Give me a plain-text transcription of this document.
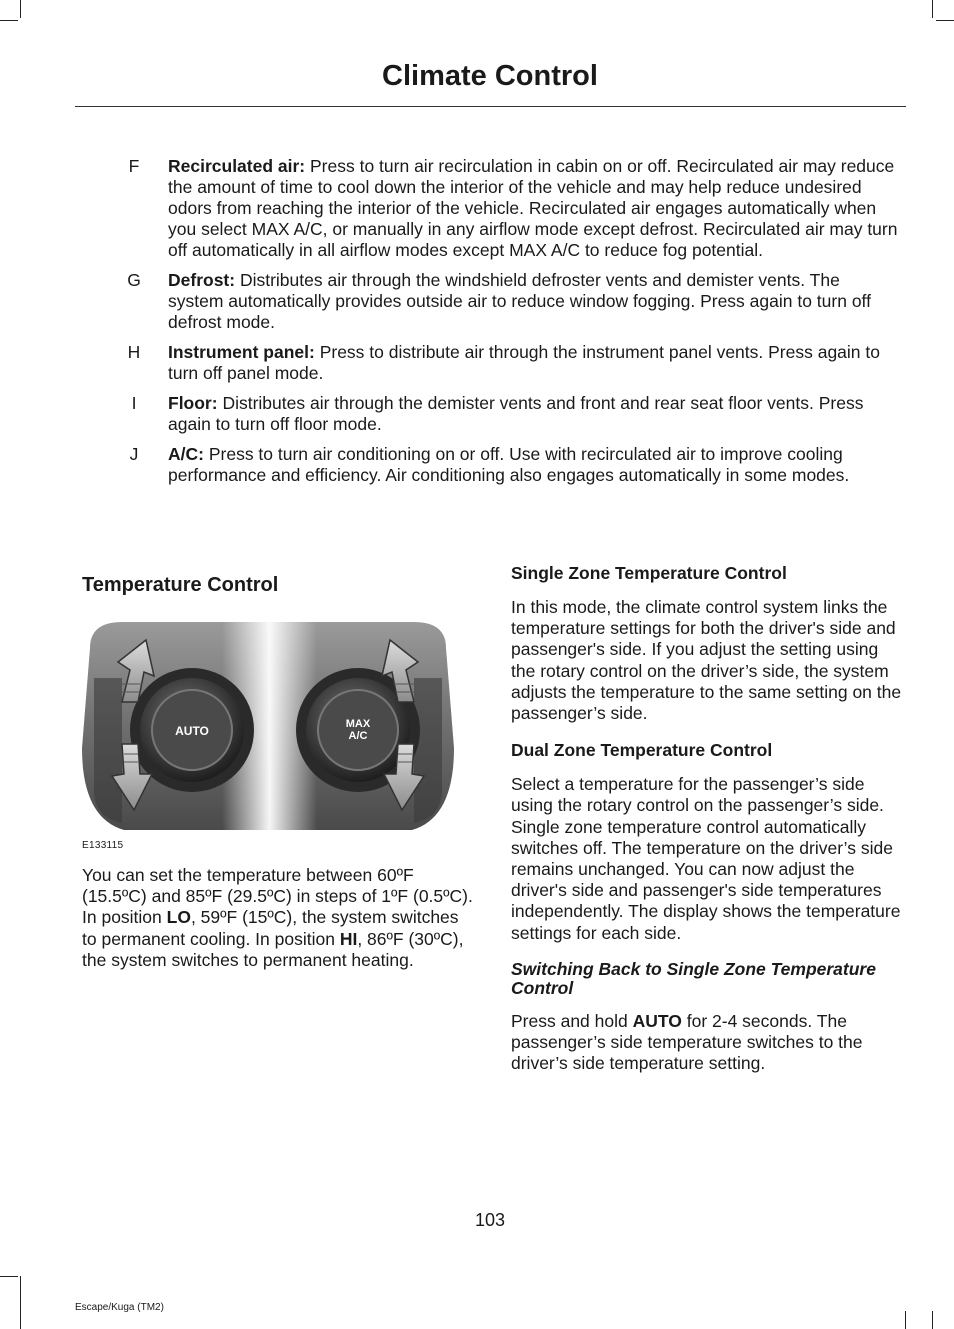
Climate Control
F	Recirculated air: Press to turn air recirculation in cabin on or off. Recirculated air may reduce the amount of time to cool down the interior of the vehicle and may help reduce undesired odors from reaching the interior of the vehicle. Recirculated air engages automatically when you select MAX A/C, or manually in any airflow mode except defrost. Recirculated air may turn off automatically in all airflow modes except MAX A/C to reduce fog potential.
G	Defrost: Distributes air through the windshield defroster vents and demister vents. The system automatically provides outside air to reduce window fogging. Press again to turn off defrost mode.
H	Instrument panel: Press to distribute air through the instrument panel vents. Press again to turn off panel mode.
I	Floor: Distributes air through the demister vents and front and rear seat floor vents. Press again to turn off floor mode.
J	A/C: Press to turn air conditioning on or off. Use with recirculated air to improve cooling performance and efficiency. Air conditioning also engages automatically in some modes.
Temperature Control
AUTO	MAX
A/C
E133115

You can set the temperature between 60ºF (15.5ºC) and 85ºF (29.5ºC) in steps of 1ºF (0.5ºC). In position LO, 59ºF (15ºC), the system switches to permanent cooling. In position HI, 86ºF (30ºC), the system switches to permanent heating.

Single Zone Temperature Control

In this mode, the climate control system links the temperature settings for both the driver's side and passenger's side. If you adjust the setting using the rotary control on the driver’s side, the system adjusts the temperature to the same setting on the passenger’s side.

Dual Zone Temperature Control

Select a temperature for the passenger’s side using the rotary control on the passenger’s side. Single zone temperature control automatically switches off. The temperature on the driver’s side remains unchanged. You can now adjust the driver's side and passenger's side temperatures independently. The display shows the temperature settings for each side.

Switching Back to Single Zone Temperature Control

Press and hold AUTO for 2-4 seconds. The passenger’s side temperature switches to the driver’s side temperature setting.

103
Escape/Kuga (TM2)
